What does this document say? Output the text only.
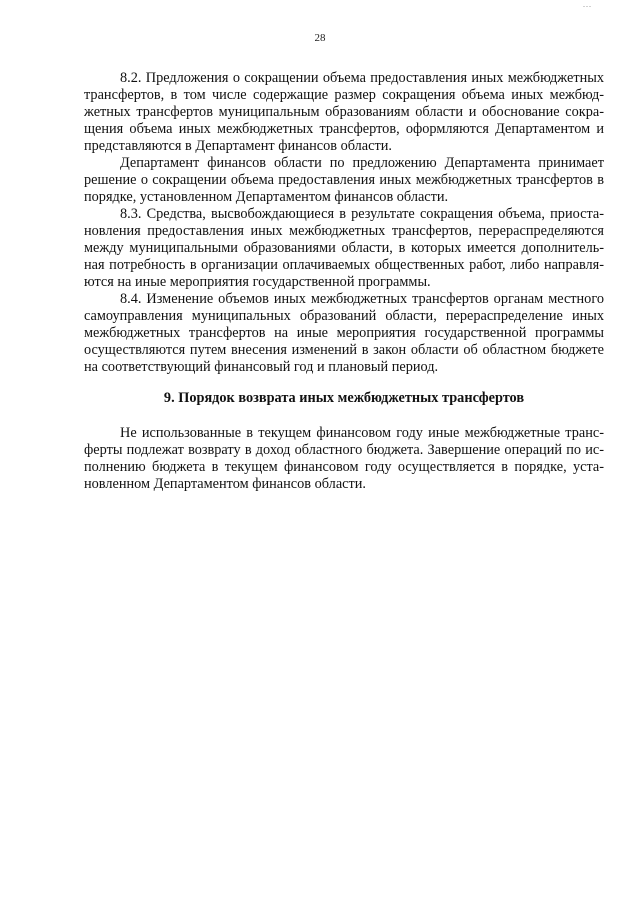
...
28

8.2. Предложения о сокращении объема предоставления иных межбюджетных трансфертов, в том числе содержащие размер сокращения объема иных межбюджетных трансфертов муниципальным образованиям области и обоснование сокращения объема иных межбюджетных трансфертов, оформляются Департаментом и представляются в Департамент финансов области.

Департамент финансов области по предложению Департамента принимает решение о сокращении объема предоставления иных межбюджетных трансфертов в порядке, установленном Департаментом финансов области.

8.3. Средства, высвобождающиеся в результате сокращения объема, приостановления предоставления иных межбюджетных трансфертов, перераспределяются между муниципальными образованиями области, в которых имеется дополнительная потребность в организации оплачиваемых общественных работ, либо направляются на иные мероприятия государственной программы.

8.4. Изменение объемов иных межбюджетных трансфертов органам местного самоуправления муниципальных образований области, перераспределение иных межбюджетных трансфертов на иные мероприятия государственной программы осуществляются путем внесения изменений в закон области об областном бюджете на соответствующий финансовый год и плановый период.

9. Порядок возврата иных межбюджетных трансфертов

Не использованные в текущем финансовом году иные межбюджетные трансферты подлежат возврату в доход областного бюджета. Завершение операций по исполнению бюджета в текущем финансовом году осуществляется в порядке, установленном Департаментом финансов области.
